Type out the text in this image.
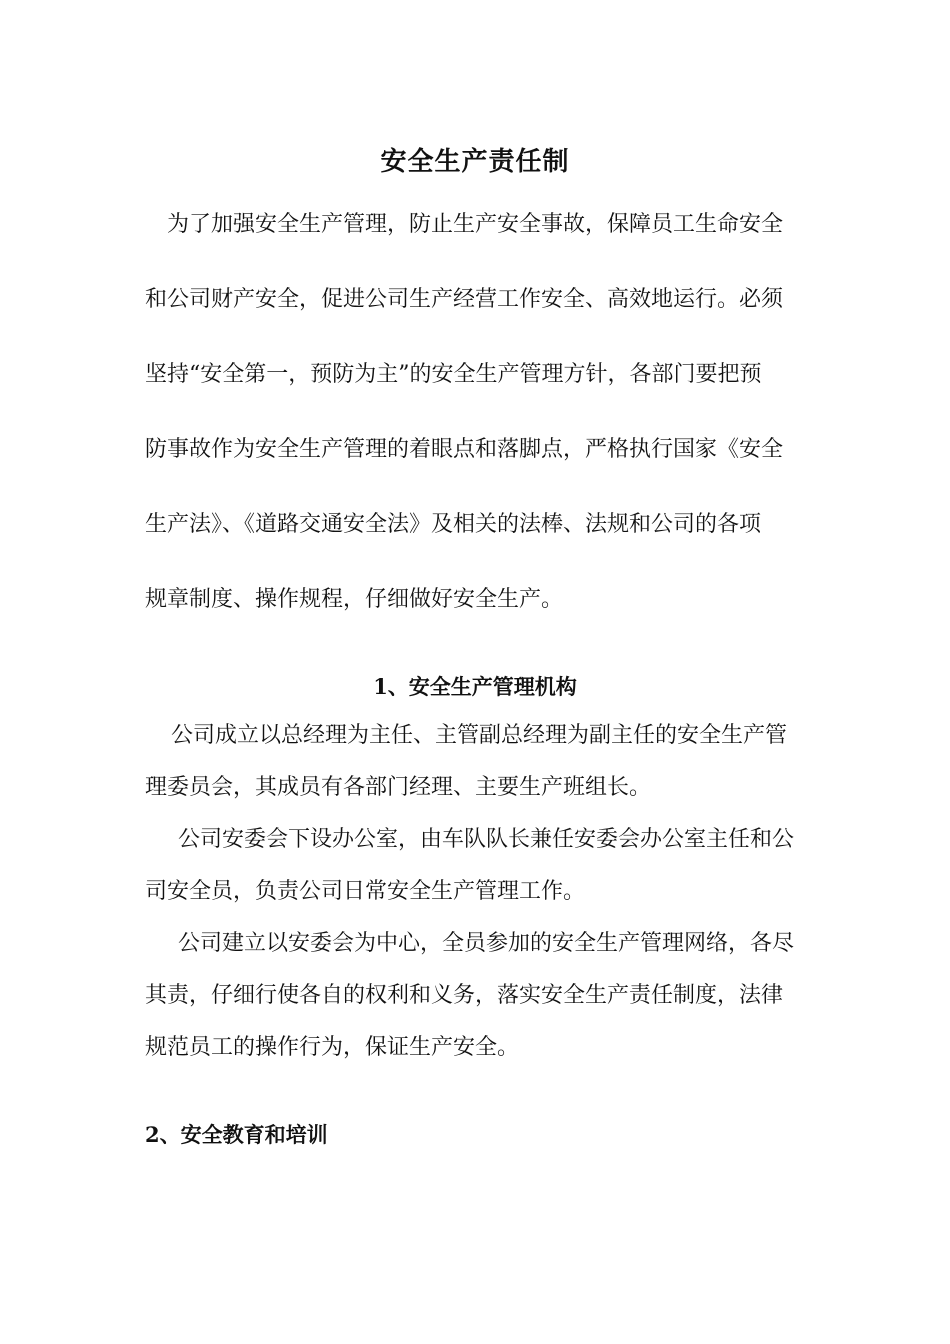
安全生产责任制
为了加强安全生产管理，防止生产安全事故，保障员工生命安全
和公司财产安全，促进公司生产经营工作安全、高效地运行。必须
坚持“安全第一，预防为主”的安全生产管理方针，各部门要把预
防事故作为安全生产管理的着眼点和落脚点，严格执行国家《安全
生产法》、《道路交通安全法》及相关的法棒、法规和公司的各项
规章制度、操作规程，仔细做好安全生产。
1、安全生产管理机构
公司成立以总经理为主任、主管副总经理为副主任的安全生产管
理委员会，其成员有各部门经理、主要生产班组长。
公司安委会下设办公室，由车队队长兼任安委会办公室主任和公
司安全员，负责公司日常安全生产管理工作。
公司建立以安委会为中心，全员参加的安全生产管理网络，各尽
其责，仔细行使各自的权利和义务，落实安全生产责任制度，法律
规范员工的操作行为，保证生产安全。
2、安全教育和培训
